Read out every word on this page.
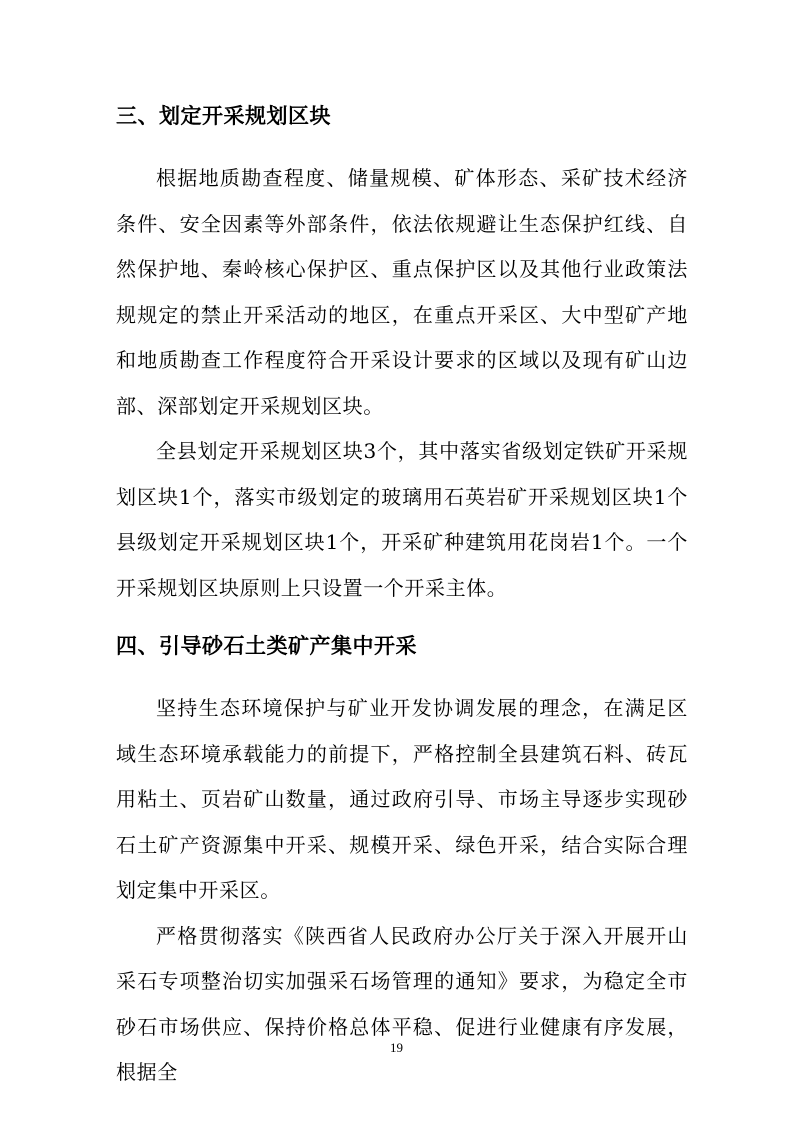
三、划定开采规划区块

根据地质勘查程度、储量规模、矿体形态、采矿技术经济条件、安全因素等外部条件，依法依规避让生态保护红线、自然保护地、秦岭核心保护区、重点保护区以及其他行业政策法规规定的禁止开采活动的地区，在重点开采区、大中型矿产地和地质勘查工作程度符合开采设计要求的区域以及现有矿山边部、深部划定开采规划区块。

全县划定开采规划区块3个，其中落实省级划定铁矿开采规划区块1个，落实市级划定的玻璃用石英岩矿开采规划区块1个县级划定开采规划区块1个，开采矿种建筑用花岗岩1个。一个开采规划区块原则上只设置一个开采主体。

四、引导砂石土类矿产集中开采

坚持生态环境保护与矿业开发协调发展的理念，在满足区域生态环境承载能力的前提下，严格控制全县建筑石料、砖瓦用粘土、页岩矿山数量，通过政府引导、市场主导逐步实现砂石土矿产资源集中开采、规模开采、绿色开采，结合实际合理划定集中开采区。

严格贯彻落实《陕西省人民政府办公厅关于深入开展开山采石专项整治切实加强采石场管理的通知》要求，为稳定全市砂石市场供应、保持价格总体平稳、促进行业健康有序发展，根据全

19
